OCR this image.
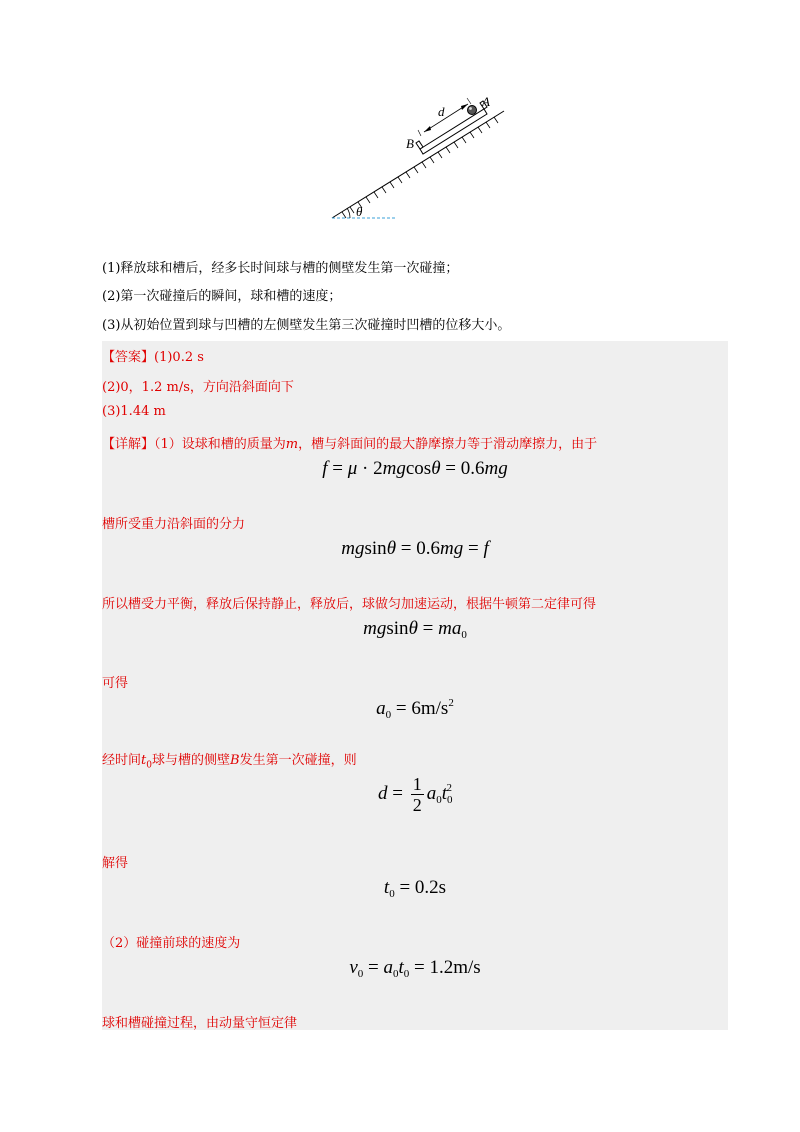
d
A
B
θ
(1)释放球和槽后，经多长时间球与槽的侧壁发生第一次碰撞；
(2)第一次碰撞后的瞬间，球和槽的速度；
(3)从初始位置到球与凹槽的左侧壁发生第三次碰撞时凹槽的位移大小。
【答案】(1)0.2 s
(2)0，1.2 m/s，方向沿斜面向下
(3)1.44 m
【详解】（1）设球和槽的质量为m，槽与斜面间的最大静摩擦力等于滑动摩擦力，由于
f = μ · 2mgcosθ = 0.6mg
槽所受重力沿斜面的分力
mgsinθ = 0.6mg = f
所以槽受力平衡，释放后保持静止，释放后，球做匀加速运动，根据牛顿第二定律可得
$mgsin\theta = ma_0$
可得
$a_0 = 6m/s^2$
经时间$t_0$球与槽的侧壁B发生第一次碰撞，则
$d = \frac{1}{2} a_0t_0^2$
解得
$t_0 = 0.2s$
（2）碰撞前球的速度为
$v_0 = a_0t_0 = 1.2m/s$
球和槽碰撞过程，由动量守恒定律
